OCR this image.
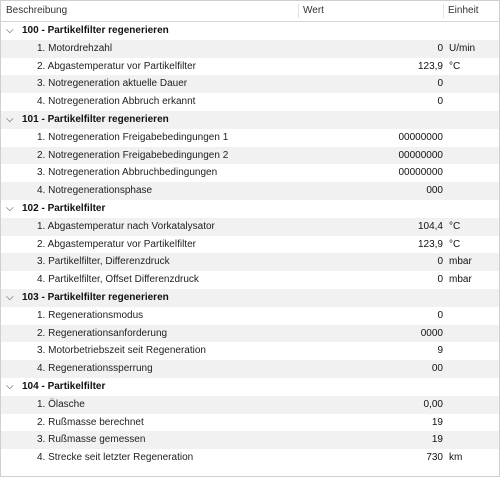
Beschreibung	Wert	Einheit
⌵ 100 - Partikelfilter regenerieren
1. Motordrehzahl	0 U/min
2. Abgastemperatur vor Partikelfilter	123,9 °C
3. Notregeneration aktuelle Dauer	0
4. Notregeneration Abbruch erkannt	0
⌵ 101 - Partikelfilter regenerieren
1. Notregeneration Freigabebedingungen 1	00000000
2. Notregeneration Freigabebedingungen 2	00000000
3. Notregeneration Abbruchbedingungen	00000000
4. Notregenerationsphase	000
⌵ 102 - Partikelfilter
1. Abgastemperatur nach Vorkatalysator	104,4 °C
2. Abgastemperatur vor Partikelfilter	123,9 °C
3. Partikelfilter, Differenzdruck	0 mbar
4. Partikelfilter, Offset Differenzdruck	0 mbar
⌵ 103 - Partikelfilter regenerieren
1. Regenerationsmodus	0
2. Regenerationsanforderung	0000
3. Motorbetriebszeit seit Regeneration	9
4. Regenerationssperrung	00
⌵ 104 - Partikelfilter
1. Ölasche	0,00
2. Rußmasse berechnet	19
3. Rußmasse gemessen	19
4. Strecke seit letzter Regeneration	730 km
